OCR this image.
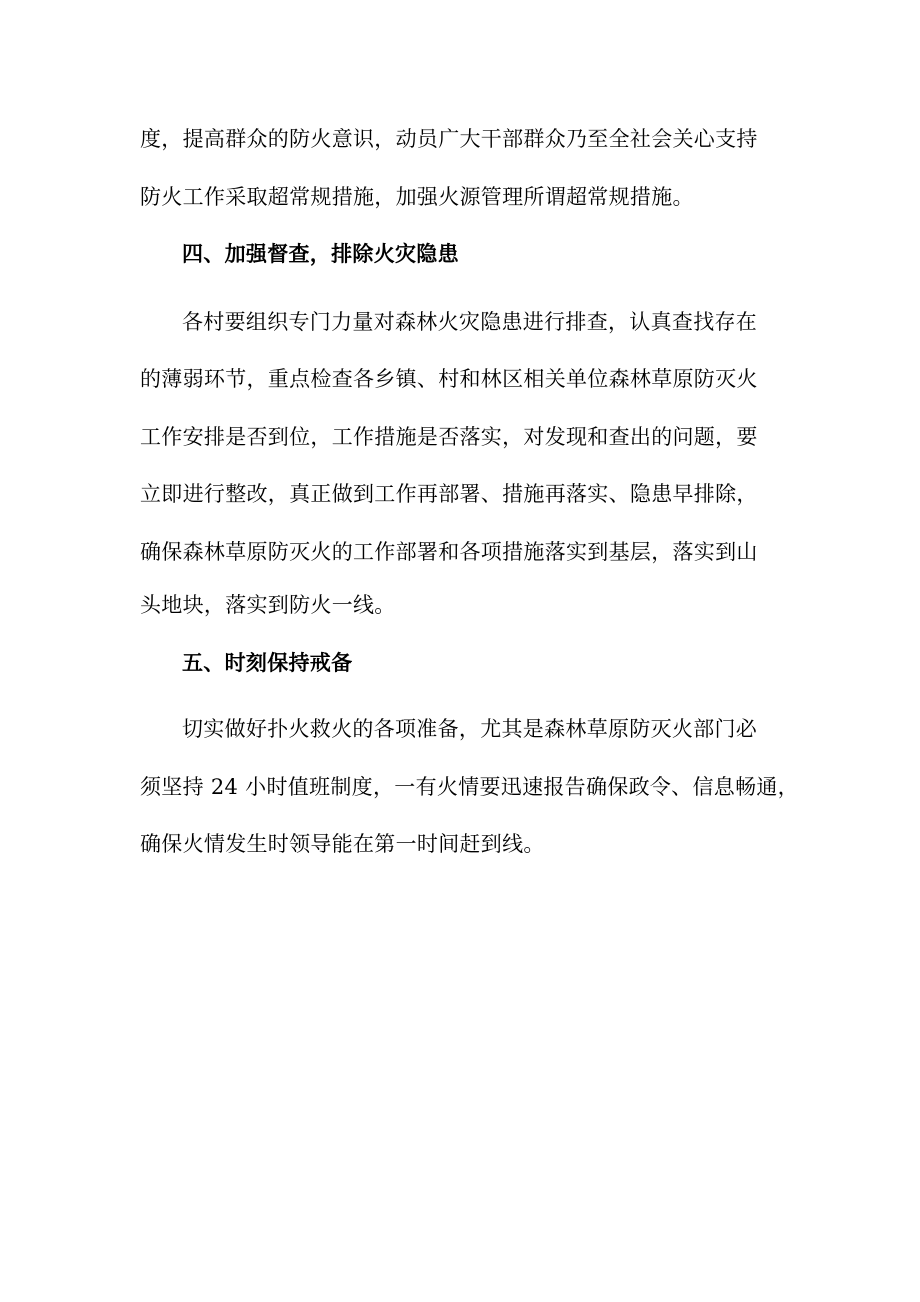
度，提高群众的防火意识，动员广大干部群众乃至全社会关心支持
防火工作采取超常规措施，加强火源管理所谓超常规措施。
四、加强督查，排除火灾隐患
各村要组织专门力量对森林火灾隐患进行排查，认真查找存在
的薄弱环节，重点检查各乡镇、村和林区相关单位森林草原防灭火
工作安排是否到位，工作措施是否落实，对发现和查出的问题，要
立即进行整改，真正做到工作再部署、措施再落实、隐患早排除，
确保森林草原防灭火的工作部署和各项措施落实到基层，落实到山
头地块，落实到防火一线。
五、时刻保持戒备
切实做好扑火救火的各项准备，尤其是森林草原防灭火部门必
须坚持 24 小时值班制度，一有火情要迅速报告确保政令、信息畅通，
确保火情发生时领导能在第一时间赶到线。
